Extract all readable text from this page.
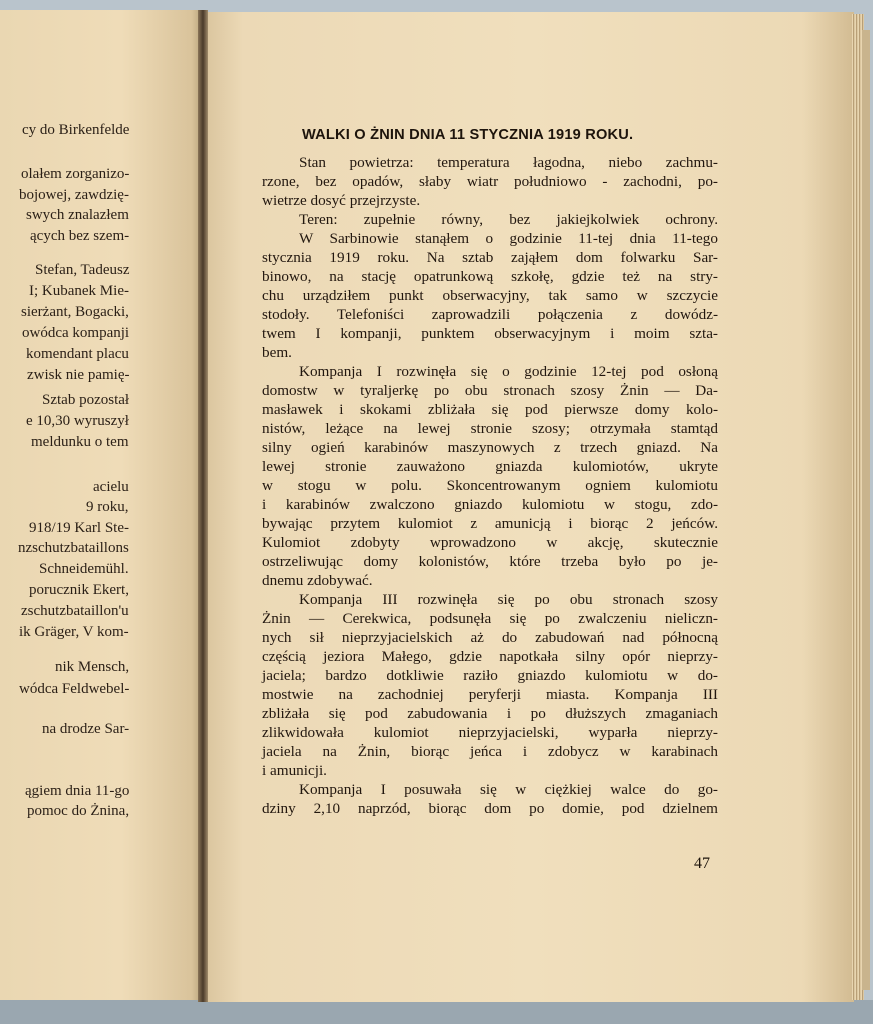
cy do Birkenfelde
olałem zorganizo-
bojowej, zawdzię-
swych znalazłem
ących bez szem-
Stefan, Tadeusz
I; Kubanek Mie-
sierżant, Bogacki,
owódca kompanji
komendant placu
zwisk nie pamię-
Sztab pozostał
e 10,30 wyruszył
meldunku o tem
acielu
9 roku,
918/19 Karl Ste-
nzschutzbataillons
Schneidemühl.
porucznik Ekert,
zschutzbataillon'u
ik Gräger, V kom-
nik Mensch,
wódca Feldwebel-
na drodze Sar-
ągiem dnia 11-go
pomoc do Żnina,
WALKI O ŻNIN DNIA 11 STYCZNIA 1919 ROKU.
Stan powietrza: temperatura łagodna, niebo zachmu-
rzone, bez opadów, słaby wiatr południowo - zachodni, po-
wietrze dosyć przejrzyste.
Teren: zupełnie równy, bez jakiejkolwiek ochrony.
W Sarbinowie stanąłem o godzinie 11-tej dnia 11-tego
stycznia 1919 roku. Na sztab zająłem dom folwarku Sar-
binowo, na stację opatrunkową szkołę, gdzie też na stry-
chu urządziłem punkt obserwacyjny, tak samo w szczycie
stodoły. Telefoniści zaprowadzili połączenia z dowódz-
twem I kompanji, punktem obserwacyjnym i moim szta-
bem.
Kompanja I rozwinęła się o godzinie 12-tej pod osłoną
domostw w tyraljerkę po obu stronach szosy Żnin — Da-
masławek i skokami zbliżała się pod pierwsze domy kolo-
nistów, leżące na lewej stronie szosy; otrzymała stamtąd
silny ogień karabinów maszynowych z trzech gniazd. Na
lewej stronie zauważono gniazda kulomiotów, ukryte
w stogu w polu. Skoncentrowanym ogniem kulomiotu
i karabinów zwalczono gniazdo kulomiotu w stogu, zdo-
bywając przytem kulomiot z amunicją i biorąc 2 jeńców.
Kulomiot zdobyty wprowadzono w akcję, skutecznie
ostrzeliwując domy kolonistów, które trzeba było po je-
dnemu zdobywać.
Kompanja III rozwinęła się po obu stronach szosy
Żnin — Cerekwica, podsunęła się po zwalczeniu nieliczn-
nych sił nieprzyjacielskich aż do zabudowań nad północną
częścią jeziora Małego, gdzie napotkała silny opór nieprzy-
jaciela; bardzo dotkliwie raziło gniazdo kulomiotu w do-
mostwie na zachodniej peryferji miasta. Kompanja III
zbliżała się pod zabudowania i po dłuższych zmaganiach
zlikwidowała kulomiot nieprzyjacielski, wyparła nieprzy-
jaciela na Żnin, biorąc jeńca i zdobycz w karabinach
i amunicji.
Kompanja I posuwała się w ciężkiej walce do go-
dziny 2,10 naprzód, biorąc dom po domie, pod dzielnem
47
